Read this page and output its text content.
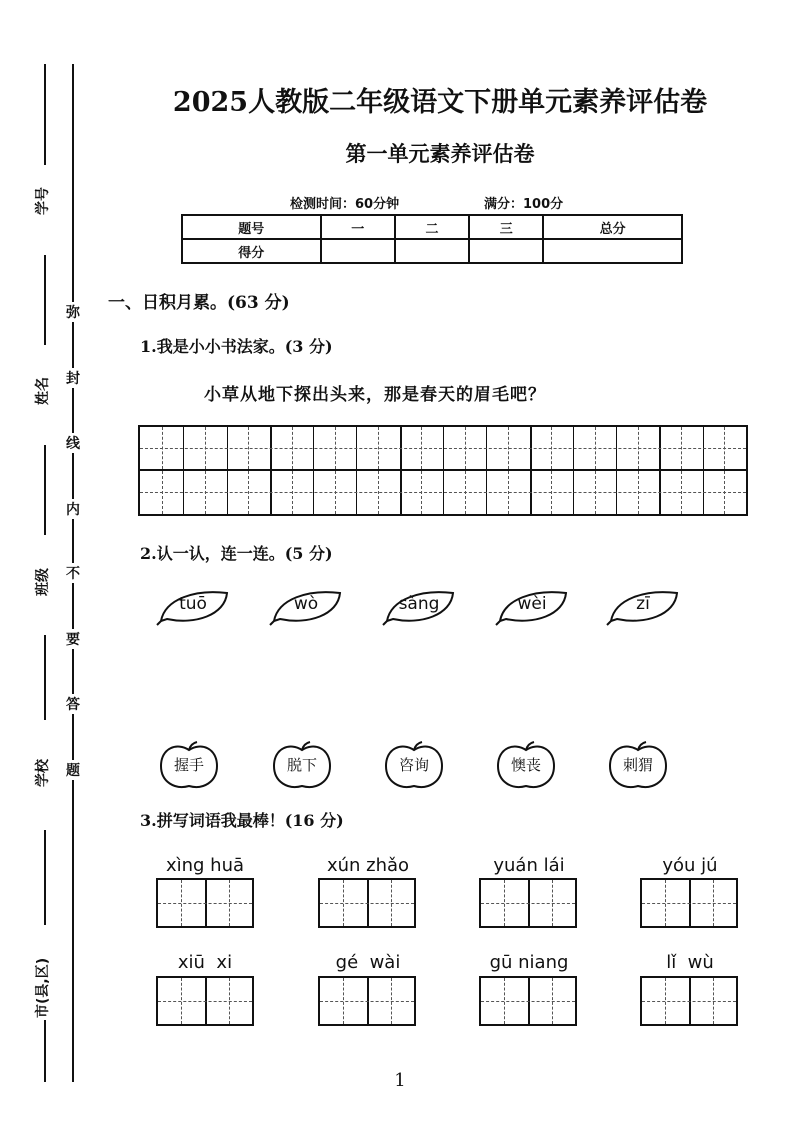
学号
姓名
班级
学校
市(县,区)
弥
封
线
内
不
要
答
题
2025人教版二年级语文下册单元素养评估卷
第一单元素养评估卷
检测时间：60分钟	满分：100分
题号	一	二	三	总分
得分				
一、日积月累。(63 分)
1.我是小小书法家。(3 分)
小草从地下探出头来，那是春天的眉毛吧？
2.认一认，连一连。(5 分)
tuō	wò	sàng	wèi	zī
握手	脱下	咨询	懊丧	刺猬
3.拼写词语我最棒！(16 分)
xìng huā	xún zhǎo	yuán lái	yóu jú
xiū  xi	gé  wài	gū niang	lǐ  wù
1
